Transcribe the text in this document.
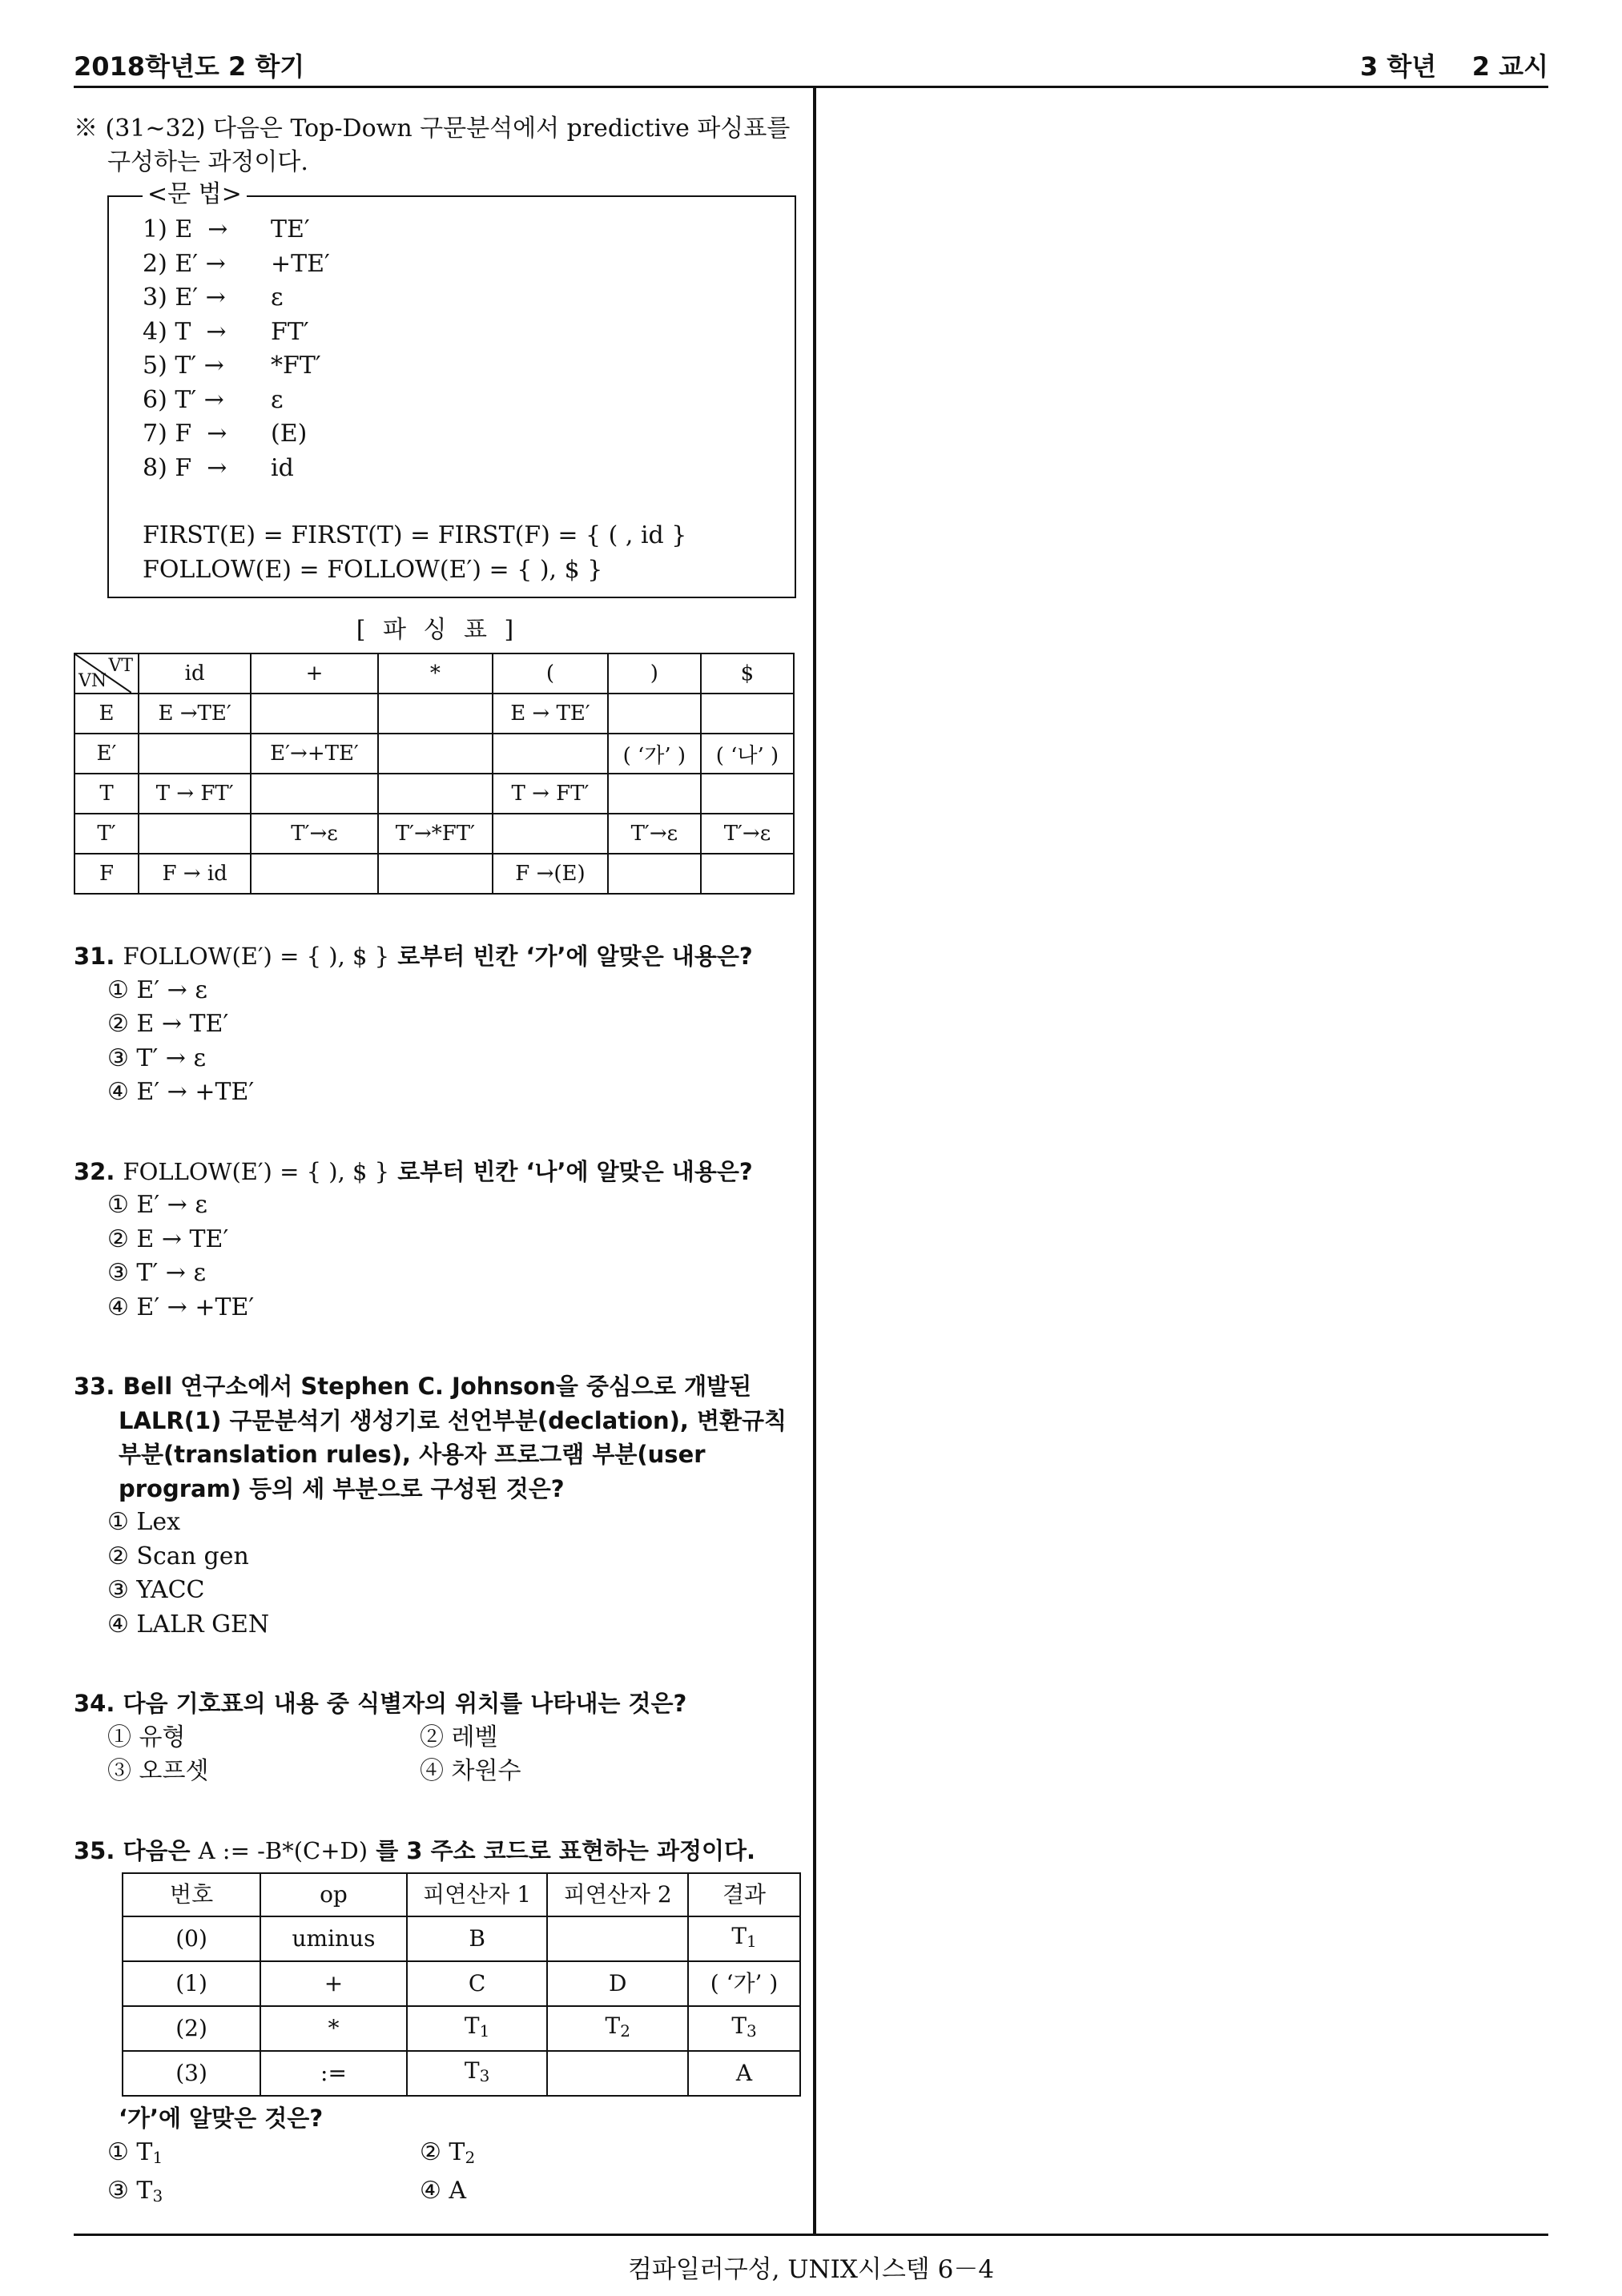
2018학년도 2 학기	3 학년    2 교시
※ (31∼32) 다음은 Top-Down 구문분석에서 predictive 파싱표를 구성하는 과정이다.
<문 법>
1) E  →	TE′
2) E′ →	+TE′
3) E′ →	ε
4) T  →	FT′
5) T′ →	*FT′
6) T′ →	ε
7) F  →	(E)
8) F  →	id
FIRST(E) = FIRST(T) = FIRST(F) = { ( , id }
FOLLOW(E) = FOLLOW(E′) = { ), $ }
[ 파 싱 표 ]
VT
VN	id	+	*	(	)	$
E	E →TE′			E → TE′		
E′		E′→+TE′			( ‘가’ )	( ‘나’ )
T	T → FT′			T → FT′		
T′		T′→ε	T′→*FT′		T′→ε	T′→ε
F	F → id			F →(E)		
31. FOLLOW(E′) = { ), $ } 로부터 빈칸 ‘가’에 알맞은 내용은?
① E′ → ε
② E → TE′
③ T′ → ε
④ E′ → +TE′
32. FOLLOW(E′) = { ), $ } 로부터 빈칸 ‘나’에 알맞은 내용은?
① E′ → ε
② E → TE′
③ T′ → ε
④ E′ → +TE′
33. Bell 연구소에서 Stephen C. Johnson을 중심으로 개발된 LALR(1) 구문분석기 생성기로 선언부분(declation), 변환규칙 부분(translation rules), 사용자 프로그램 부분(user program) 등의 세 부분으로 구성된 것은?
① Lex
② Scan gen
③ YACC
④ LALR GEN
34. 다음 기호표의 내용 중 식별자의 위치를 나타내는 것은?
① 유형	② 레벨
③ 오프셋	④ 차원수
35. 다음은 A := -B*(C+D) 를 3 주소 코드로 표현하는 과정이다.
번호	op	피연산자 1	피연산자 2	결과
(0)	uminus	B		$T_1$
(1)	+	C	D	( ‘가’ )
(2)	*	$T_1$	$T_2$	$T_3$
(3)	:=	$T_3$		A
‘가’에 알맞은 것은?
① $T_1$	② $T_2$
③ $T_3$	④ A
컴파일러구성, UNIX시스템 6－4
